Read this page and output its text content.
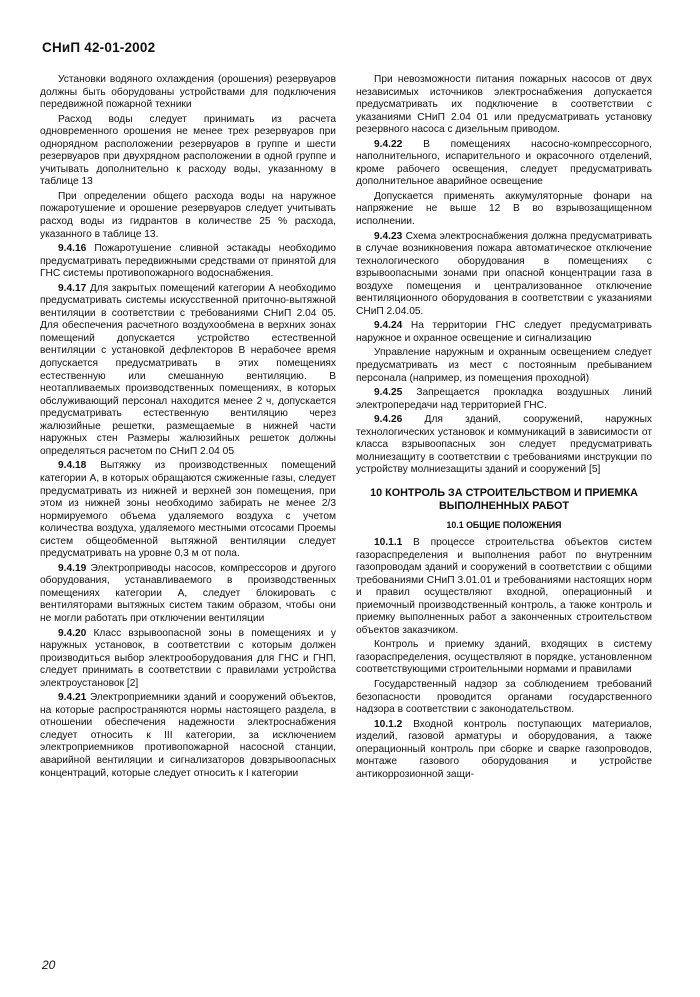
СНиП 42-01-2002

Установки водяного охлаждения (орошения) резервуаров должны быть оборудованы устройствами для подключения передвижной пожарной техники

Расход воды следует принимать из расчета одновременного орошения не менее трех резервуаров при однорядном расположении резервуаров в группе и шести резервуаров при двухрядном расположении в одной группе и учитывать дополнительно к расходу воды, указанному в таблице 13

При определении общего расхода воды на наружное пожаротушение и орошение резервуаров следует учитывать расход воды из гидрантов в количестве 25 % расхода, указанного в таблице 13.

9.4.16 Пожаротушение сливной эстакады необходимо предусматривать передвижными средствами от принятой для ГНС системы противопожарного водоснабжения.

9.4.17 Для закрытых помещений категории А необходимо предусматривать системы искусственной приточно-вытяжной вентиляции в соответствии с требованиями СНиП 2.04 05. Для обеспечения расчетного воздухообмена в верхних зонах помещений допускается устройство естественной вентиляции с установкой дефлекторов В нерабочее время допускается предусматривать в этих помещениях естественную или смешанную вентиляцию. В неотапливаемых производственных помещениях, в которых обслуживающий персонал находится менее 2 ч, допускается предусматривать естественную вентиляцию через жалюзийные решетки, размещаемые в нижней части наружных стен Размеры жалюзийных решеток должны определяться расчетом по СНиП 2.04 05

9.4.18 Вытяжку из производственных помещений категории А, в которых обращаются сжиженные газы, следует предусматривать из нижней и верхней зон помещения, при этом из нижней зоны необходимо забирать не менее 2/3 нормируемого объема удаляемого воздуха с учетом количества воздуха, удаляемого местными отсосами Проемы систем общеобменной вытяжной вентиляции следует предусматривать на уровне 0,3 м от пола.

9.4.19 Электроприводы насосов, компрессоров и другого оборудования, устанавливаемого в производственных помещениях категории А, следует блокировать с вентиляторами вытяжных систем таким образом, чтобы они не могли работать при отключении вентиляции

9.4.20 Класс взрывоопасной зоны в помещениях и у наружных установок, в соответствии с которым должен производиться выбор электрооборудования для ГНС и ГНП, следует принимать в соответствии с правилами устройства электроустановок [2]

9.4.21 Электроприемники зданий и сооружений объектов, на которые распространяются нормы настоящего раздела, в отношении обеспечения надежности электроснабжения следует относить к III категории, за исключением электроприемников противопожарной насосной станции, аварийной вентиляции и сигнализаторов довзрывоопасных концентраций, которые следует относить к I категории

При невозможности питания пожарных насосов от двух независимых источников электроснабжения допускается предусматривать их подключение в соответствии с указаниями СНиП 2.04 01 или предусматривать установку резервного насоса с дизельным приводом.

9.4.22 В помещениях насосно-компрессорного, наполнительного, испарительного и окрасочного отделений, кроме рабочего освещения, следует предусматривать дополнительное аварийное освещение

Допускается применять аккумуляторные фонари на напряжение не выше 12 В во взрывозащищенном исполнении.

9.4.23 Схема электроснабжения должна предусматривать в случае возникновения пожара автоматическое отключение технологического оборудования в помещениях с взрывоопасными зонами при опасной концентрации газа в воздухе помещения и централизованное отключение вентиляционного оборудования в соответствии с указаниями СНиП 2.04.05.

9.4.24 На территории ГНС следует предусматривать наружное и охранное освещение и сигнализацию

Управление наружным и охранным освещением следует предусматривать из мест с постоянным пребыванием персонала (например, из помещения проходной)

9.4.25 Запрещается прокладка воздушных линий электропередачи над территорией ГНС.

9.4.26 Для зданий, сооружений, наружных технологических установок и коммуникаций в зависимости от класса взрывоопасных зон следует предусматривать молниезащиту в соответствии с требованиями инструкции по устройству молниезащиты зданий и сооружений [5]

10 КОНТРОЛЬ ЗА СТРОИТЕЛЬСТВОМ И ПРИЕМКА ВЫПОЛНЕННЫХ РАБОТ
10.1 ОБЩИЕ ПОЛОЖЕНИЯ

10.1.1 В процессе строительства объектов систем газораспределения и выполнения работ по внутренним газопроводам зданий и сооружений в соответствии с общими требованиями СНиП 3.01.01 и требованиями настоящих норм и правил осуществляют входной, операционный и приемочный производственный контроль, а также контроль и приемку выполненных работ а законченных строительством объектов заказчиком.

Контроль и приемку зданий, входящих в систему газораспределения, осуществляют в порядке, установленном соответствующими строительными нормами и правилами

Государственный надзор за соблюдением требований безопасности проводится органами государственного надзора в соответствии с законодательством.

10.1.2 Входной контроль поступающих материалов, изделий, газовой арматуры и оборудования, а также операционный контроль при сборке и сварке газопроводов, монтаже газового оборудования и устройстве антикоррозионной защи-

20
